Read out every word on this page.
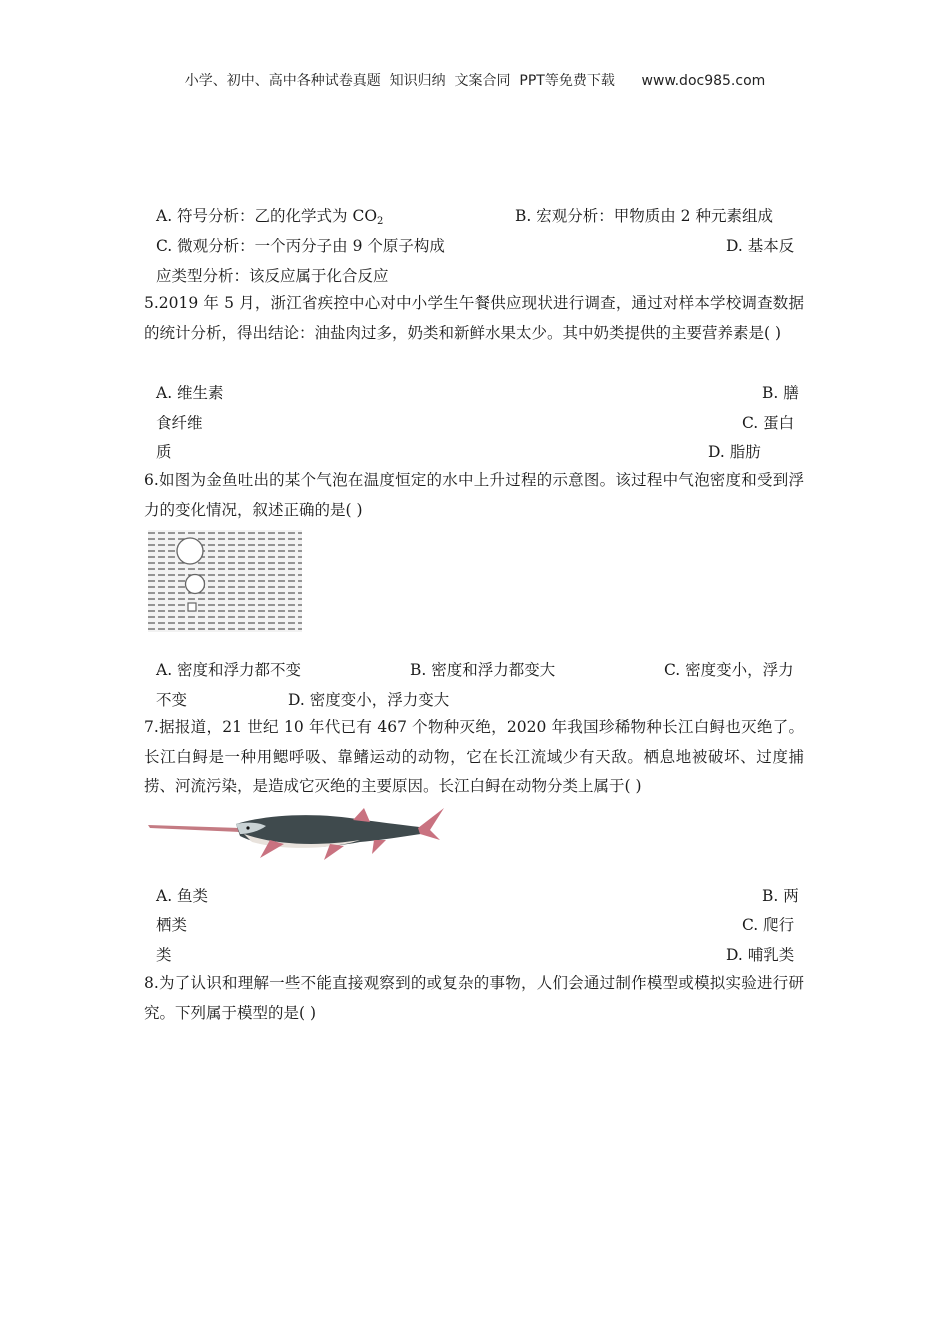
小学、初中、高中各种试卷真题  知识归纳  文案合同  PPT等免费下载      www.doc985.com
A. 符号分析：乙的化学式为 $CO_2$	B. 宏观分析：甲物质由 2 种元素组成
C. 微观分析：一个丙分子由 9 个原子构成	D. 基本反
应类型分析：该反应属于化合反应
5.2019 年 5 月，浙江省疾控中心对中小学生午餐供应现状进行调查，通过对样本学校调查数据的统计分析，得出结论：油盐肉过多，奶类和新鲜水果太少。其中奶类提供的主要营养素是( )
A. 维生素	B. 膳
食纤维	C. 蛋白
质	D. 脂肪
6.如图为金鱼吐出的某个气泡在温度恒定的水中上升过程的示意图。该过程中气泡密度和受到浮力的变化情况，叙述正确的是( )
A. 密度和浮力都不变	B. 密度和浮力都变大	C. 密度变小，浮力
不变	D. 密度变小，浮力变大
7.据报道，21 世纪 10 年代已有 467 个物种灭绝，2020 年我国珍稀物种长江白鲟也灭绝了。长江白鲟是一种用鳃呼吸、靠鳍运动的动物，它在长江流域少有天敌。栖息地被破坏、过度捕捞、河流污染，是造成它灭绝的主要原因。长江白鲟在动物分类上属于( )
A. 鱼类	B. 两
栖类	C. 爬行
类	D. 哺乳类
8.为了认识和理解一些不能直接观察到的或复杂的事物，人们会通过制作模型或模拟实验进行研究。下列属于模型的是( )
